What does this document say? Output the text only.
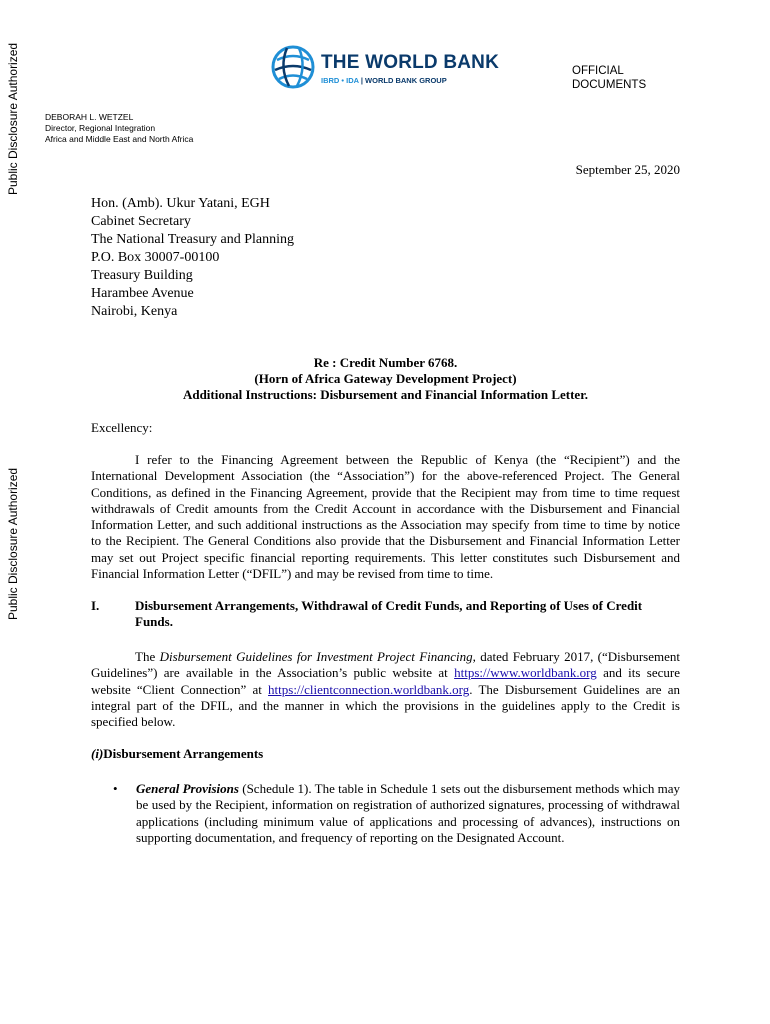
Public Disclosure Authorized
Public Disclosure Authorized
THE WORLD BANK
IBRD • IDA | WORLD BANK GROUP
OFFICIAL
DOCUMENTS
DEBORAH L. WETZEL
Director, Regional Integration
Africa and Middle East and North Africa
September 25, 2020
Hon. (Amb). Ukur Yatani, EGH
Cabinet Secretary
The National Treasury and Planning
P.O. Box 30007-00100
Treasury Building
Harambee Avenue
Nairobi, Kenya
Re : Credit Number 6768.
(Horn of Africa Gateway Development Project)
Additional Instructions: Disbursement and Financial Information Letter.
Excellency:
I refer to the Financing Agreement between the Republic of Kenya (the “Recipient”) and the International Development Association (the “Association”) for the above-referenced Project. The General Conditions, as defined in the Financing Agreement, provide that the Recipient may from time to time request withdrawals of Credit amounts from the Credit Account in accordance with the Disbursement and Financial Information Letter, and such additional instructions as the Association may specify from time to time by notice to the Recipient. The General Conditions also provide that the Disbursement and Financial Information Letter may set out Project specific financial reporting requirements. This letter constitutes such Disbursement and Financial Information Letter (“DFIL”) and may be revised from time to time.
I.	Disbursement Arrangements, Withdrawal of Credit Funds, and Reporting of Uses of Credit Funds.
The Disbursement Guidelines for Investment Project Financing, dated February 2017, (“Disbursement Guidelines”) are available in the Association’s public website at https://www.worldbank.org and its secure website “Client Connection” at https://clientconnection.worldbank.org. The Disbursement Guidelines are an integral part of the DFIL, and the manner in which the provisions in the guidelines apply to the Credit is specified below.
(i)Disbursement Arrangements
• General Provisions (Schedule 1). The table in Schedule 1 sets out the disbursement methods which may be used by the Recipient, information on registration of authorized signatures, processing of withdrawal applications (including minimum value of applications and processing of advances), instructions on supporting documentation, and frequency of reporting on the Designated Account.
